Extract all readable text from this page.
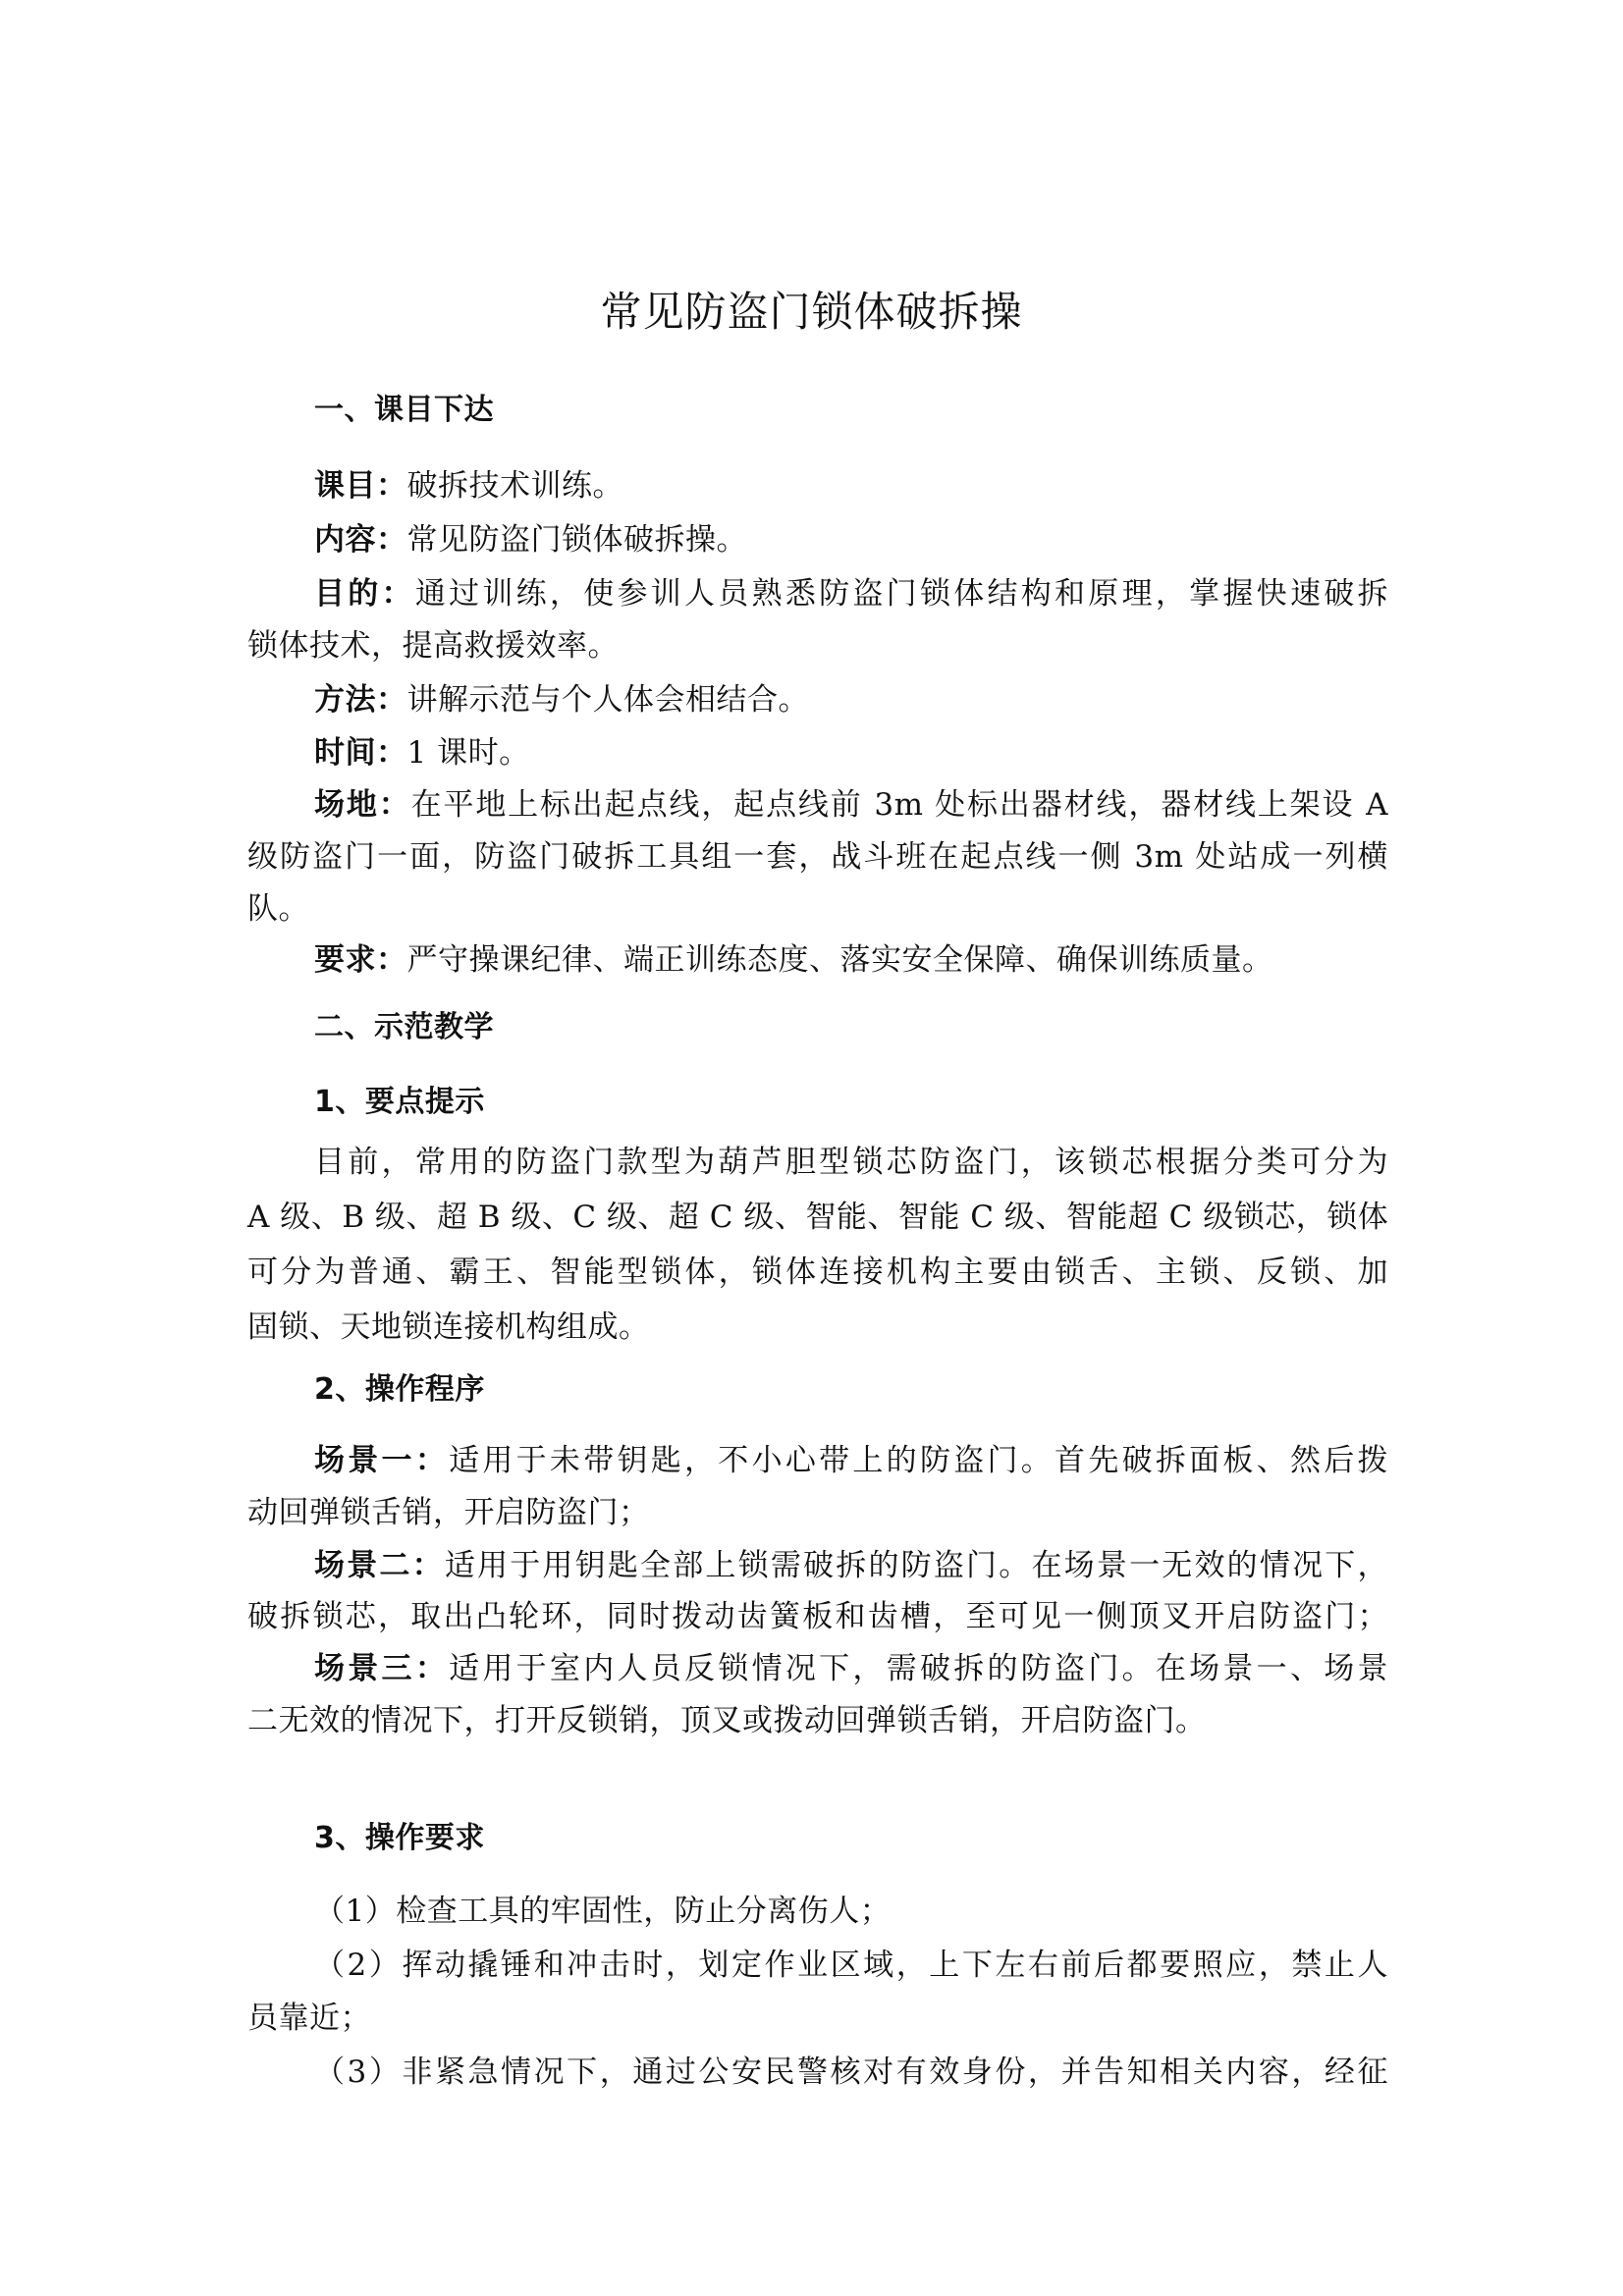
常见防盗门锁体破拆操
一、课目下达
课目：破拆技术训练。
内容：常见防盗门锁体破拆操。
目的：通过训练，使参训人员熟悉防盗门锁体结构和原理，掌握快速破拆
锁体技术，提高救援效率。
方法：讲解示范与个人体会相结合。
时间：1 课时。
场地：在平地上标出起点线，起点线前 3m 处标出器材线，器材线上架设 A
级防盗门一面，防盗门破拆工具组一套，战斗班在起点线一侧 3m 处站成一列横
队。
要求：严守操课纪律、端正训练态度、落实安全保障、确保训练质量。
二、示范教学
1、要点提示
目前，常用的防盗门款型为葫芦胆型锁芯防盗门，该锁芯根据分类可分为
A 级、B 级、超 B 级、C 级、超 C 级、智能、智能 C 级、智能超 C 级锁芯，锁体
可分为普通、霸王、智能型锁体，锁体连接机构主要由锁舌、主锁、反锁、加
固锁、天地锁连接机构组成。
2、操作程序
场景一：适用于未带钥匙，不小心带上的防盗门。首先破拆面板、然后拨
动回弹锁舌销，开启防盗门；
场景二：适用于用钥匙全部上锁需破拆的防盗门。在场景一无效的情况下，
破拆锁芯，取出凸轮环，同时拨动齿簧板和齿槽，至可见一侧顶叉开启防盗门；
场景三：适用于室内人员反锁情况下，需破拆的防盗门。在场景一、场景
二无效的情况下，打开反锁销，顶叉或拨动回弹锁舌销，开启防盗门。
3、操作要求
（1）检查工具的牢固性，防止分离伤人；
（2）挥动撬锤和冲击时，划定作业区域，上下左右前后都要照应，禁止人
员靠近；
（3）非紧急情况下，通过公安民警核对有效身份，并告知相关内容，经征
